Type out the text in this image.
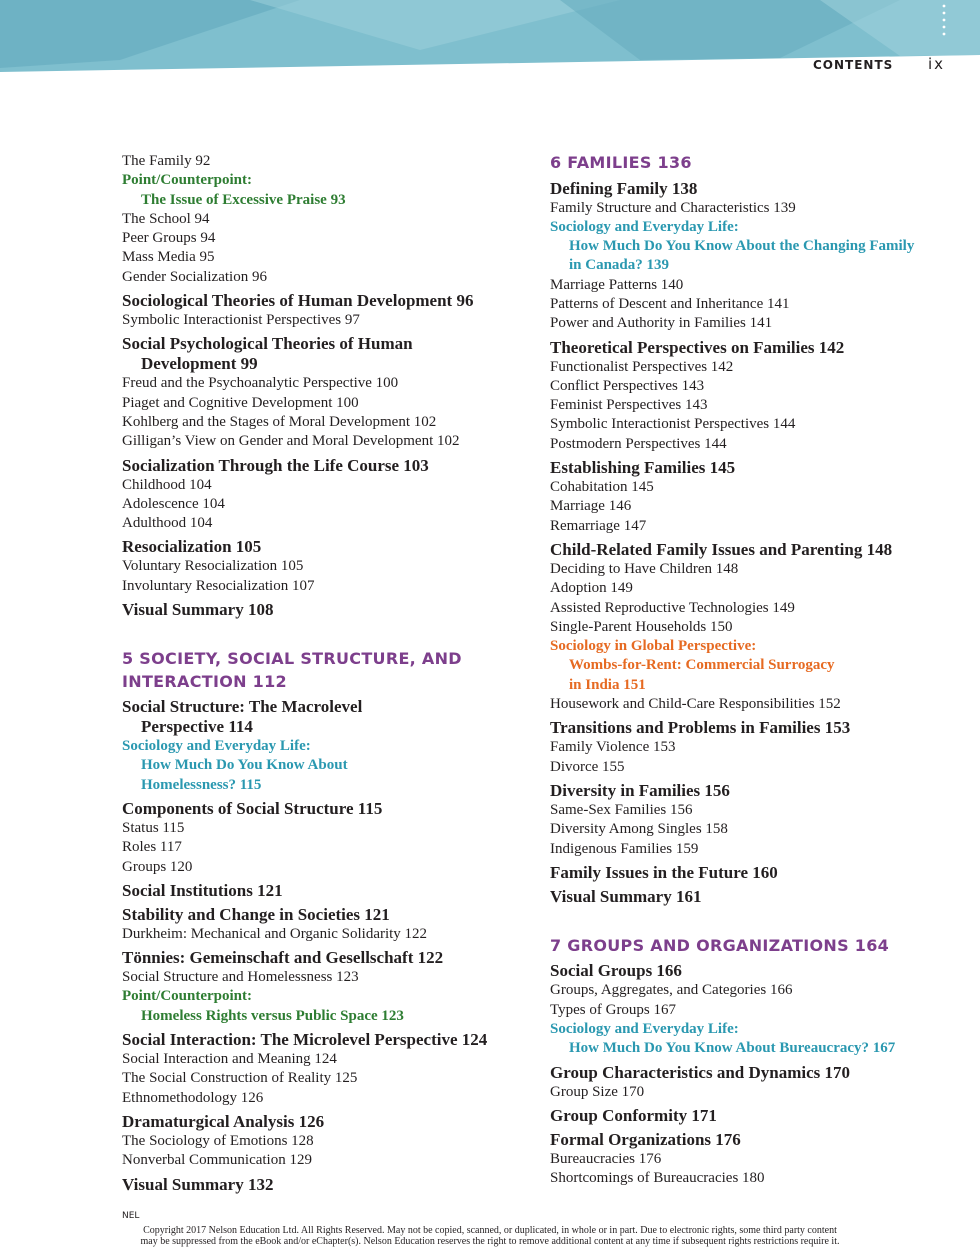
CONTENTS ix
The Family 92
Point/Counterpoint:
The Issue of Excessive Praise 93
The School 94
Peer Groups 94
Mass Media 95
Gender Socialization 96
Sociological Theories of Human Development 96
Symbolic Interactionist Perspectives 97
Social Psychological Theories of Human
Development 99
Freud and the Psychoanalytic Perspective 100
Piaget and Cognitive Development 100
Kohlberg and the Stages of Moral Development 102
Gilligan’s View on Gender and Moral Development 102
Socialization Through the Life Course 103
Childhood 104
Adolescence 104
Adulthood 104
Resocialization 105
Voluntary Resocialization 105
Involuntary Resocialization 107
Visual Summary 108
5 SOCIETY, SOCIAL STRUCTURE, AND
INTERACTION 112
Social Structure: The Macrolevel
Perspective 114
Sociology and Everyday Life:
How Much Do You Know About
Homelessness? 115
Components of Social Structure 115
Status 115
Roles 117
Groups 120
Social Institutions 121
Stability and Change in Societies 121
Durkheim: Mechanical and Organic Solidarity 122
Tönnies: Gemeinschaft and Gesellschaft 122
Social Structure and Homelessness 123
Point/Counterpoint:
Homeless Rights versus Public Space 123
Social Interaction: The Microlevel Perspective 124
Social Interaction and Meaning 124
The Social Construction of Reality 125
Ethnomethodology 126
Dramaturgical Analysis 126
The Sociology of Emotions 128
Nonverbal Communication 129
Visual Summary 132
6 FAMILIES 136
Defining Family 138
Family Structure and Characteristics 139
Sociology and Everyday Life:
How Much Do You Know About the Changing Family
in Canada? 139
Marriage Patterns 140
Patterns of Descent and Inheritance 141
Power and Authority in Families 141
Theoretical Perspectives on Families 142
Functionalist Perspectives 142
Conflict Perspectives 143
Feminist Perspectives 143
Symbolic Interactionist Perspectives 144
Postmodern Perspectives 144
Establishing Families 145
Cohabitation 145
Marriage 146
Remarriage 147
Child-Related Family Issues and Parenting 148
Deciding to Have Children 148
Adoption 149
Assisted Reproductive Technologies 149
Single-Parent Households 150
Sociology in Global Perspective:
Wombs-for-Rent: Commercial Surrogacy
in India 151
Housework and Child-Care Responsibilities 152
Transitions and Problems in Families 153
Family Violence 153
Divorce 155
Diversity in Families 156
Same-Sex Families 156
Diversity Among Singles 158
Indigenous Families 159
Family Issues in the Future 160
Visual Summary 161
7 GROUPS AND ORGANIZATIONS 164
Social Groups 166
Groups, Aggregates, and Categories 166
Types of Groups 167
Sociology and Everyday Life:
How Much Do You Know About Bureaucracy? 167
Group Characteristics and Dynamics 170
Group Size 170
Group Conformity 171
Formal Organizations 176
Bureaucracies 176
Shortcomings of Bureaucracies 180
NEL
Copyright 2017 Nelson Education Ltd. All Rights Reserved. May not be copied, scanned, or duplicated, in whole or in part. Due to electronic rights, some third party content
may be suppressed from the eBook and/or eChapter(s). Nelson Education reserves the right to remove additional content at any time if subsequent rights restrictions require it.
